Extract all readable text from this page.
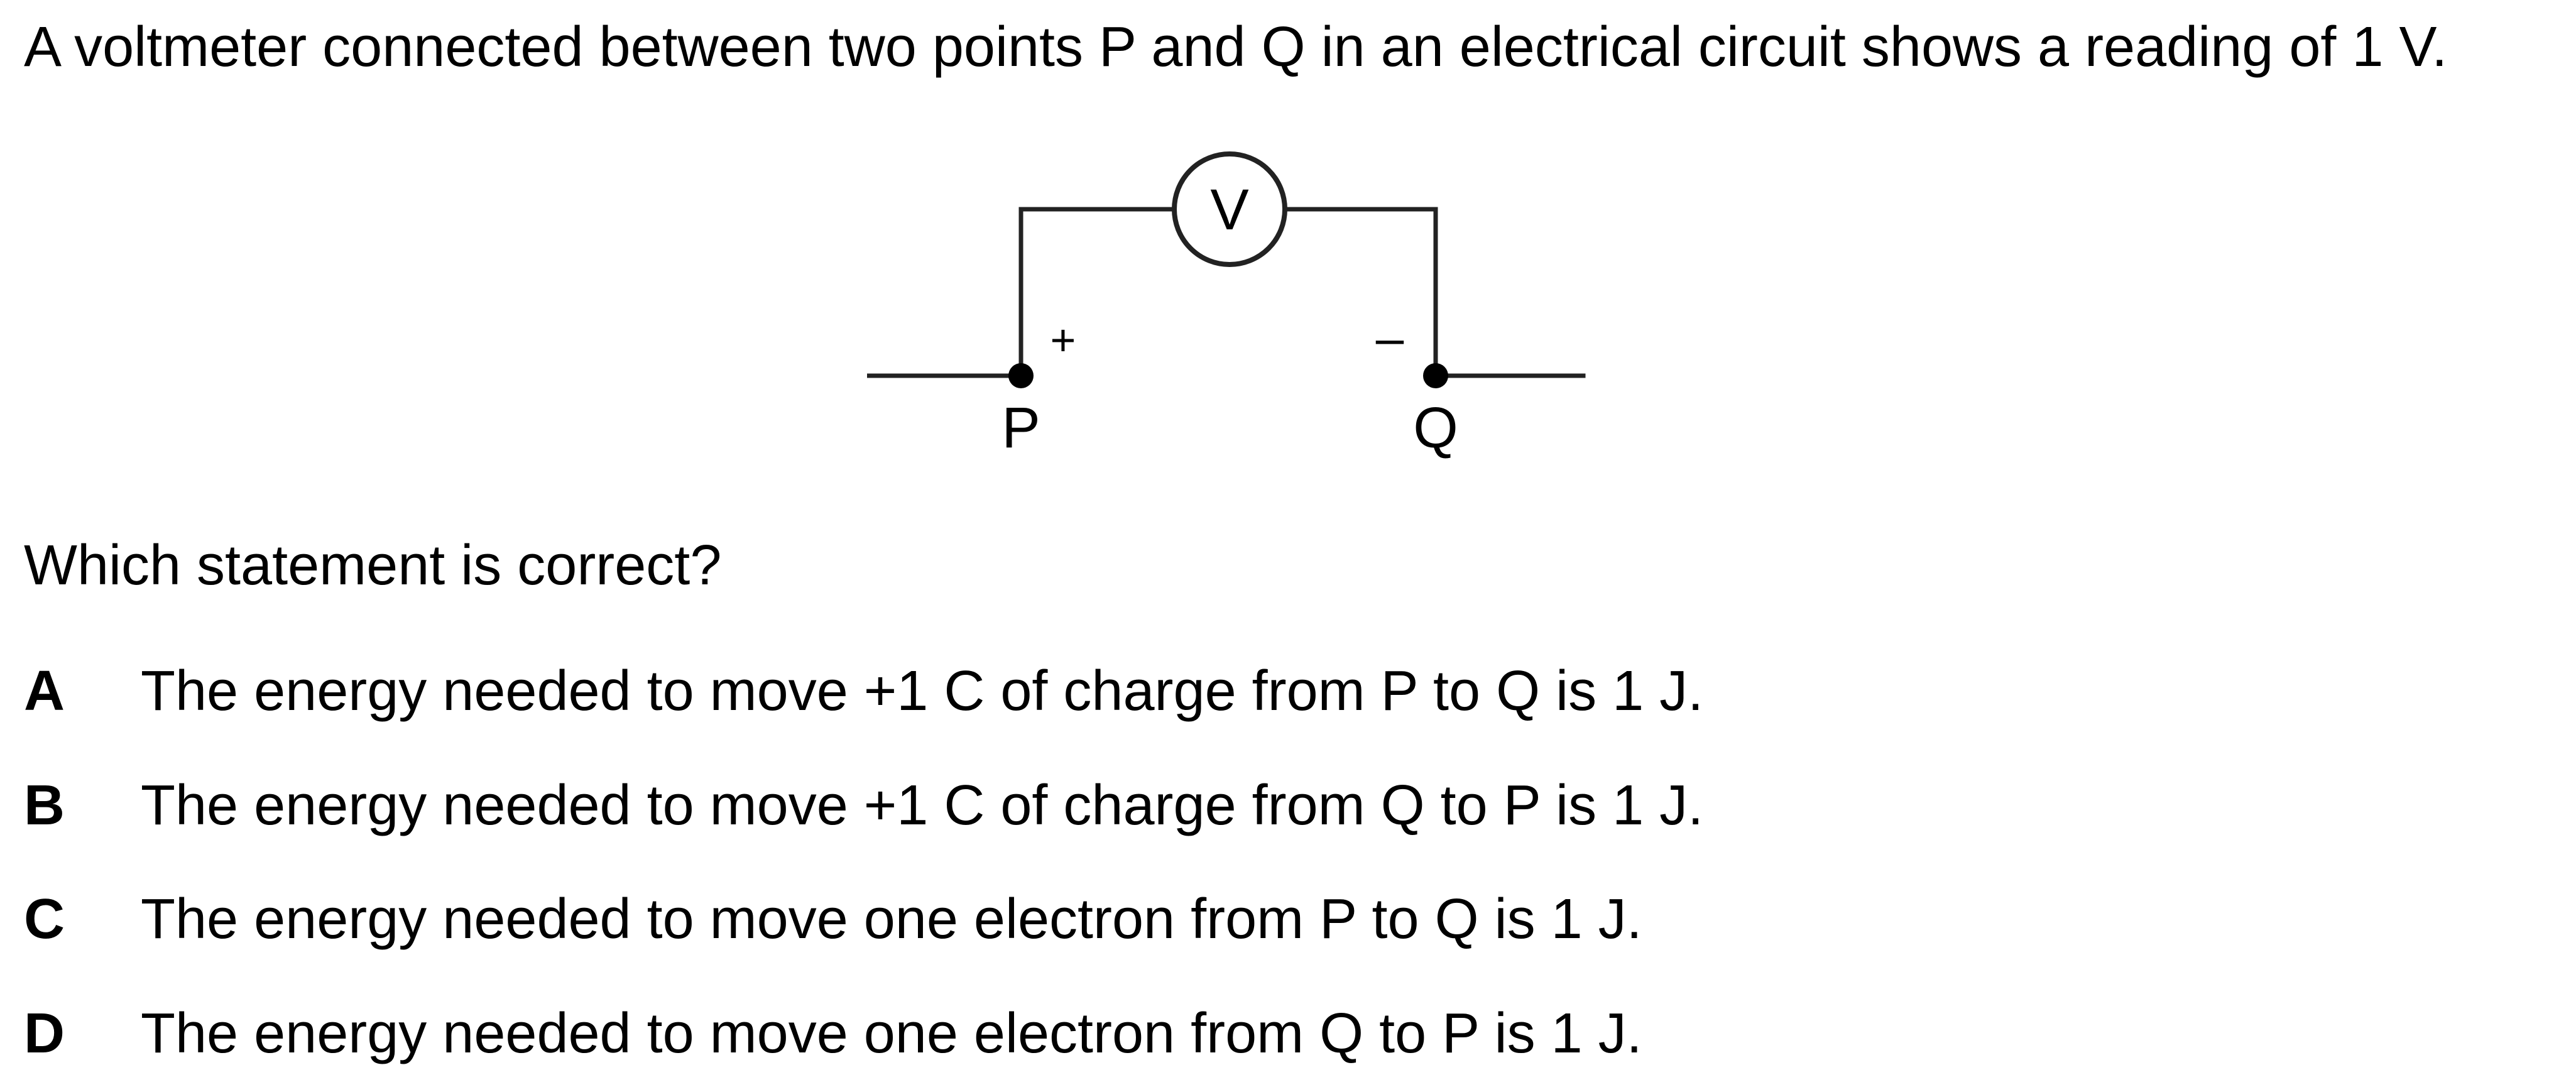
A voltmeter connected between two points P and Q in an electrical circuit shows a reading of 1 V.
V
+	–
P	Q
Which statement is correct?
A	The energy needed to move +1 C of charge from P to Q is 1 J.
B	The energy needed to move +1 C of charge from Q to P is 1 J.
C	The energy needed to move one electron from P to Q is 1 J.
D	The energy needed to move one electron from Q to P is 1 J.
